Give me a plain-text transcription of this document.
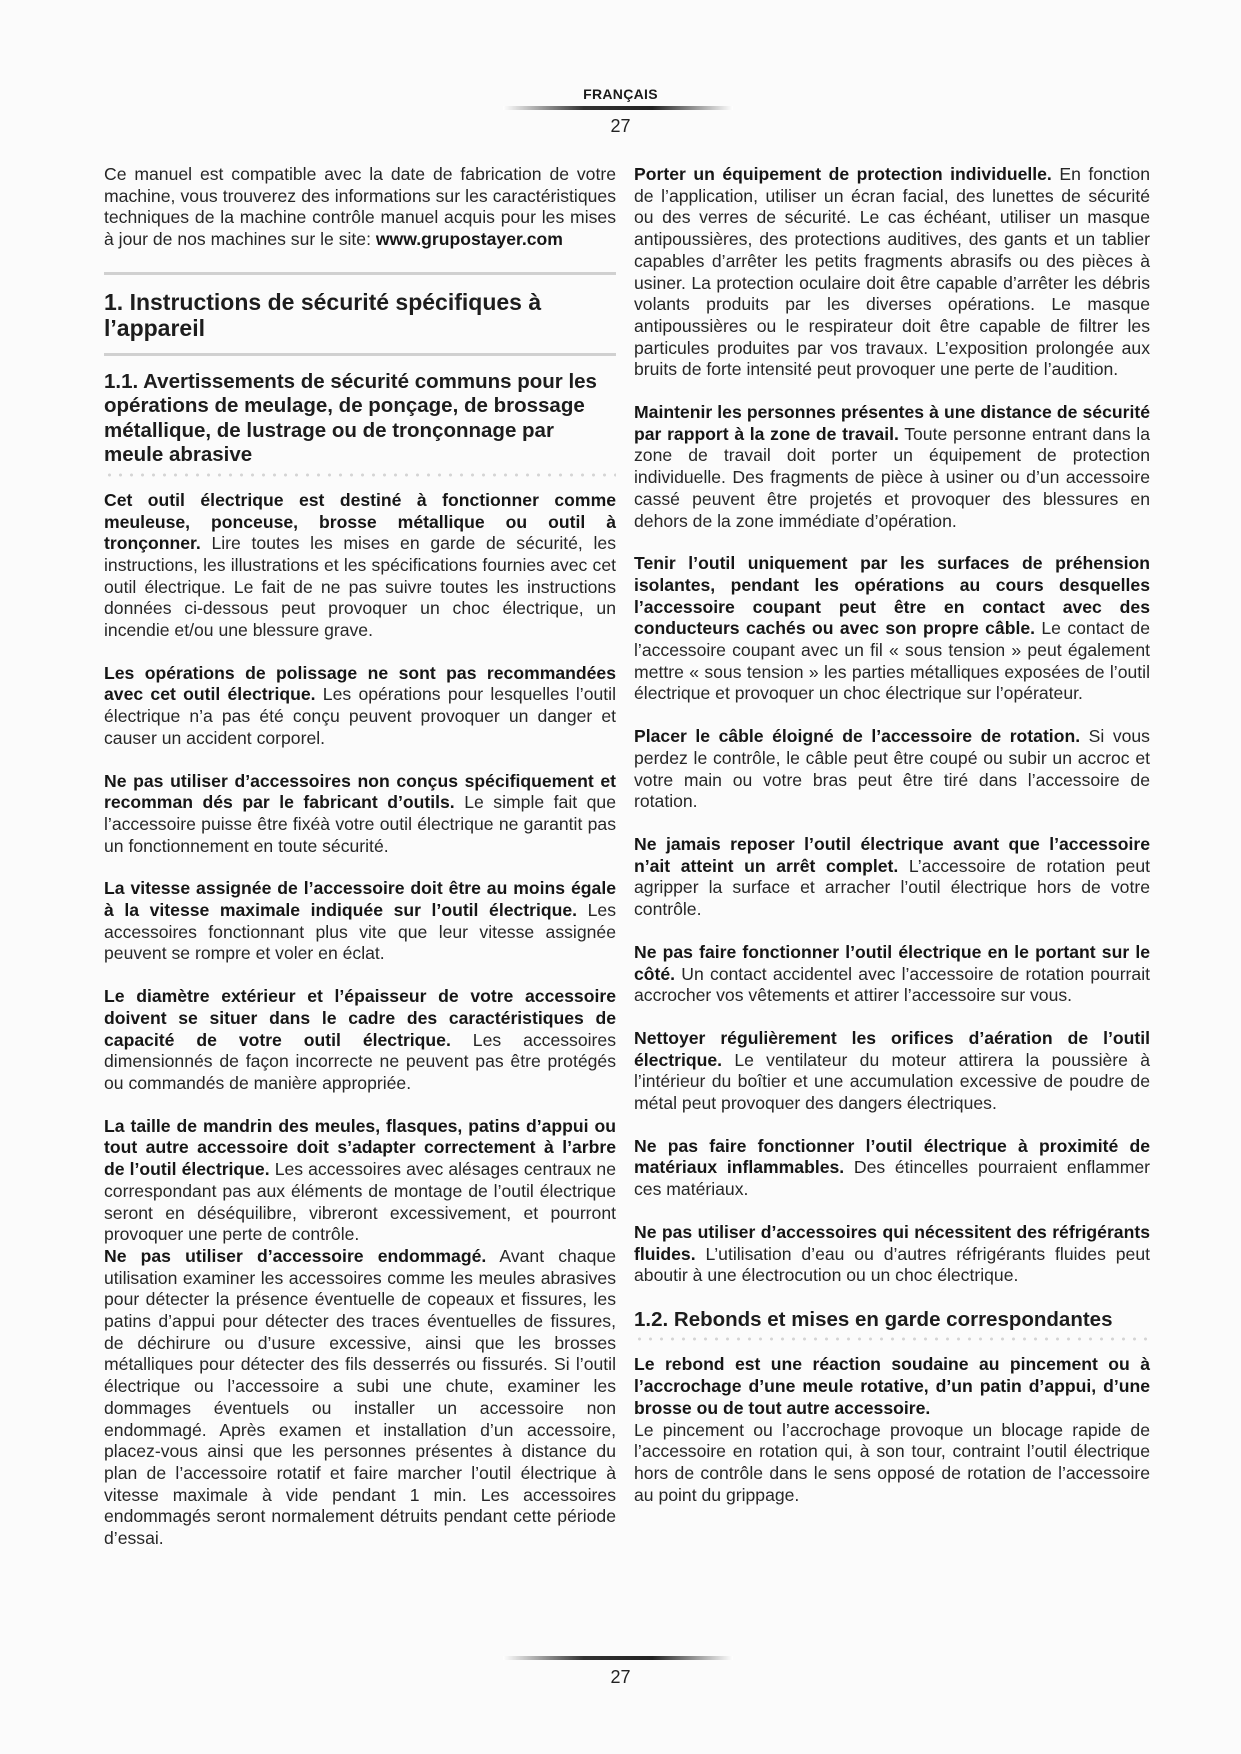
FRANÇAIS
27

Ce manuel est compatible avec la date de fabrication de votre machine, vous trouverez des informations sur les caractéristiques techniques de la machine contrôle manuel acquis pour les mises à jour de nos machines sur le site: www.grupostayer.com

1. Instructions de sécurité spécifiques à l’appareil
1.1. Avertissements de sécurité communs pour les opérations de meulage, de ponçage, de brossage métallique, de lustrage ou de tronçonnage par meule abrasive

Cet outil électrique est destiné à fonctionner comme meuleuse, ponceuse, brosse métallique ou outil à tronçonner. Lire toutes les mises en garde de sécurité, les instructions, les illustrations et les spécifications fournies avec cet outil électrique. Le fait de ne pas suivre toutes les instructions données ci-dessous peut provoquer un choc électrique, un incendie et/ou une blessure grave.

Les opérations de polissage ne sont pas recommandées avec cet outil électrique. Les opérations pour lesquelles l’outil électrique n’a pas été conçu peuvent provoquer un danger et causer un accident corporel.

Ne pas utiliser d’accessoires non conçus spécifiquement et recomman dés par le fabricant d’outils. Le simple fait que l’accessoire puisse être fixéà votre outil électrique ne garantit pas un fonctionnement en toute sécurité.

La vitesse assignée de l’accessoire doit être au moins égale à la vitesse maximale indiquée sur l’outil électrique. Les accessoires fonctionnant plus vite que leur vitesse assignée peuvent se rompre et voler en éclat.

Le diamètre extérieur et l’épaisseur de votre accessoire doivent se situer dans le cadre des caractéristiques de capacité de votre outil électrique. Les accessoires dimensionnés de façon incorrecte ne peuvent pas être protégés ou commandés de manière appropriée.

La taille de mandrin des meules, flasques, patins d’appui ou tout autre accessoire doit s’adapter correctement à l’arbre de l’outil électrique. Les accessoires avec alésages centraux ne correspondant pas aux éléments de montage de l’outil électrique seront en déséquilibre, vibreront excessivement, et pourront provoquer une perte de contrôle.

Ne pas utiliser d’accessoire endommagé. Avant chaque utilisation examiner les accessoires comme les meules abrasives pour détecter la présence éventuelle de copeaux et fissures, les patins d’appui pour détecter des traces éventuelles de fissures, de déchirure ou d’usure excessive, ainsi que les brosses métalliques pour détecter des fils desserrés ou fissurés. Si l’outil électrique ou l’accessoire a subi une chute, examiner les dommages éventuels ou installer un accessoire non endommagé. Après examen et installation d’un accessoire, placez-vous ainsi que les personnes présentes à distance du plan de l’accessoire rotatif et faire marcher l’outil électrique à vitesse maximale à vide pendant 1 min. Les accessoires endommagés seront normalement détruits pendant cette période d’essai.

Porter un équipement de protection individuelle. En fonction de l’application, utiliser un écran facial, des lunettes de sécurité ou des verres de sécurité. Le cas échéant, utiliser un masque antipoussières, des protections auditives, des gants et un tablier capables d’arrêter les petits fragments abrasifs ou des pièces à usiner. La protection oculaire doit être capable d’arrêter les débris volants produits par les diverses opérations. Le masque antipoussières ou le respirateur doit être capable de filtrer les particules produites par vos travaux. L’exposition prolongée aux bruits de forte intensité peut provoquer une perte de l’audition.

Maintenir les personnes présentes à une distance de sécurité par rapport à la zone de travail. Toute personne entrant dans la zone de travail doit porter un équipement de protection individuelle. Des fragments de pièce à usiner ou d’un accessoire cassé peuvent être projetés et provoquer des blessures en dehors de la zone immédiate d’opération.

Tenir l’outil uniquement par les surfaces de préhension isolantes, pendant les opérations au cours desquelles l’accessoire coupant peut être en contact avec des conducteurs cachés ou avec son propre câble. Le contact de l’accessoire coupant avec un fil « sous tension » peut également mettre « sous tension » les parties métalliques exposées de l’outil électrique et provoquer un choc électrique sur l’opérateur.

Placer le câble éloigné de l’accessoire de rotation. Si vous perdez le contrôle, le câble peut être coupé ou subir un accroc et votre main ou votre bras peut être tiré dans l’accessoire de rotation.

Ne jamais reposer l’outil électrique avant que l’accessoire n’ait atteint un arrêt complet. L’accessoire de rotation peut agripper la surface et arracher l’outil électrique hors de votre contrôle.

Ne pas faire fonctionner l’outil électrique en le portant sur le côté. Un contact accidentel avec l’accessoire de rotation pourrait accrocher vos vêtements et attirer l’accessoire sur vous.

Nettoyer régulièrement les orifices d’aération de l’outil électrique. Le ventilateur du moteur attirera la poussière à l’intérieur du boîtier et une accumulation excessive de poudre de métal peut provoquer des dangers électriques.

Ne pas faire fonctionner l’outil électrique à proximité de matériaux inflammables. Des étincelles pourraient enflammer ces matériaux.

Ne pas utiliser d’accessoires qui nécessitent des réfrigérants fluides. L’utilisation d’eau ou d’autres réfrigérants fluides peut aboutir à une électrocution ou un choc électrique.

1.2. Rebonds et mises en garde correspondantes

Le rebond est une réaction soudaine au pincement ou à l’accrochage d’une meule rotative, d’un patin d’appui, d’une brosse ou de tout autre accessoire.
Le pincement ou l’accrochage provoque un blocage rapide de l’accessoire en rotation qui, à son tour, contraint l’outil électrique hors de contrôle dans le sens opposé de rotation de l’accessoire au point du grippage.

27
